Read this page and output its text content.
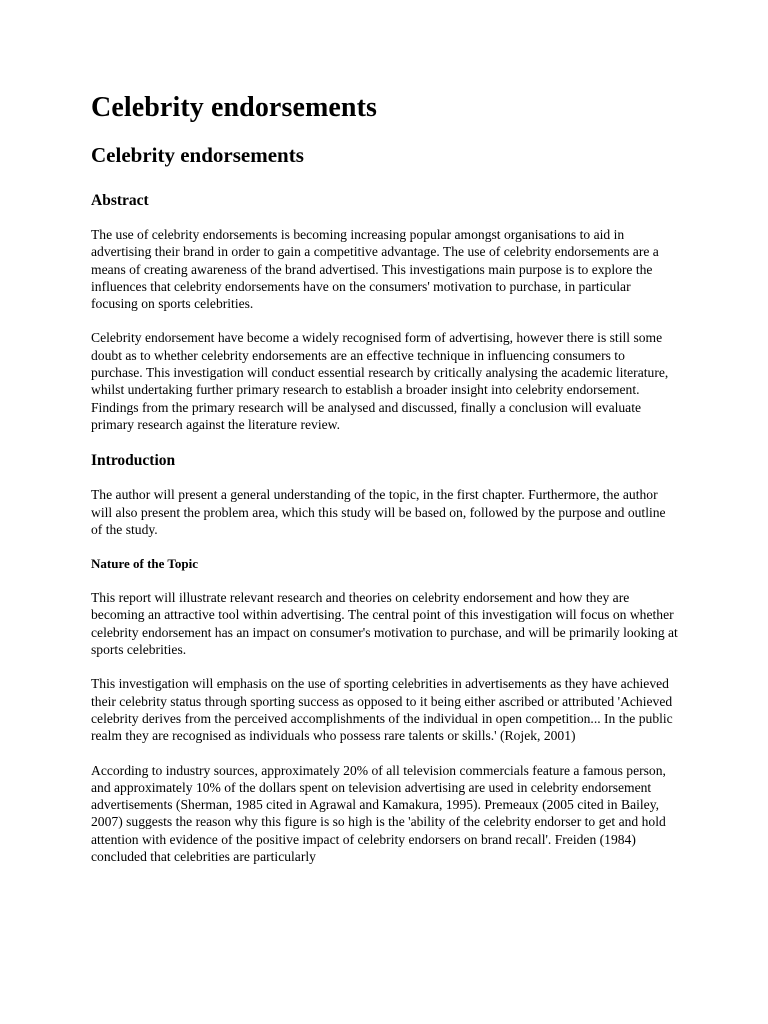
Celebrity endorsements
Celebrity endorsements
Abstract

The use of celebrity endorsements is becoming increasing popular amongst organisations to aid in advertising their brand in order to gain a competitive advantage. The use of celebrity endorsements are a means of creating awareness of the brand advertised. This investigations main purpose is to explore the influences that celebrity endorsements have on the consumers' motivation to purchase, in particular focusing on sports celebrities.

Celebrity endorsement have become a widely recognised form of advertising, however there is still some doubt as to whether celebrity endorsements are an effective technique in influencing consumers to purchase. This investigation will conduct essential research by critically analysing the academic literature, whilst undertaking further primary research to establish a broader insight into celebrity endorsement. Findings from the primary research will be analysed and discussed, finally a conclusion will evaluate primary research against the literature review.

Introduction

The author will present a general understanding of the topic, in the first chapter. Furthermore, the author will also present the problem area, which this study will be based on, followed by the purpose and outline of the study.

Nature of the Topic

This report will illustrate relevant research and theories on celebrity endorsement and how they are becoming an attractive tool within advertising. The central point of this investigation will focus on whether celebrity endorsement has an impact on consumer's motivation to purchase, and will be primarily looking at sports celebrities.

This investigation will emphasis on the use of sporting celebrities in advertisements as they have achieved their celebrity status through sporting success as opposed to it being either ascribed or attributed 'Achieved celebrity derives from the perceived accomplishments of the individual in open competition... In the public realm they are recognised as individuals who possess rare talents or skills.' (Rojek, 2001)

According to industry sources, approximately 20% of all television commercials feature a famous person, and approximately 10% of the dollars spent on television advertising are used in celebrity endorsement advertisements (Sherman, 1985 cited in Agrawal and Kamakura, 1995). Premeaux (2005 cited in Bailey, 2007) suggests the reason why this figure is so high is the 'ability of the celebrity endorser to get and hold attention with evidence of the positive impact of celebrity endorsers on brand recall'. Freiden (1984) concluded that celebrities are particularly
